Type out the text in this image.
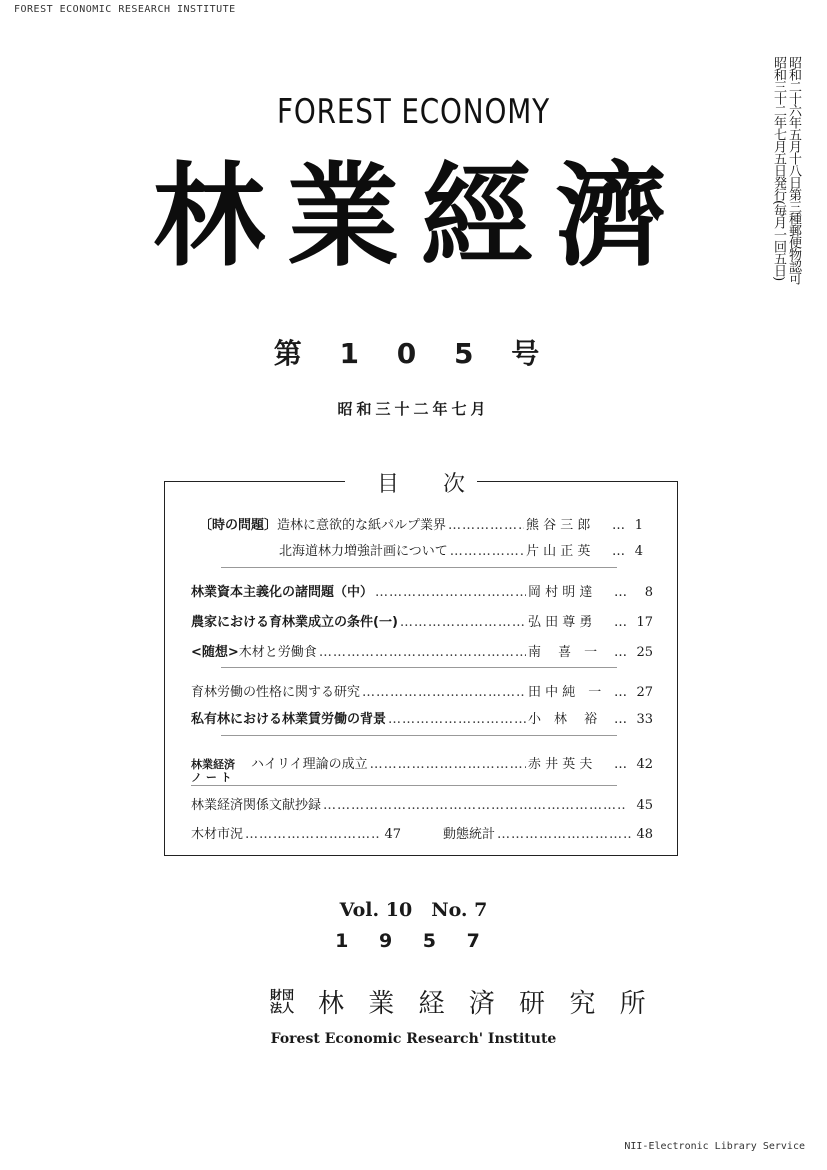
FOREST ECONOMIC RESEARCH INSTITUTE
昭和二十六年五月十八日第三種郵便物認可
昭和三十二年七月五日発行(毎月一回五日)
FOREST ECONOMY
林業經濟
第 1 0 5 号
昭和三十二年七月
目　　次
〔時の問題〕 造林に意欲的な紙パルプ業界 ……………………………………………………………………………………………………………	熊 谷 三 郎	… 1
北海道林力増強計画について ……………………………………………………………………………………………………………	片 山 正 英	… 4
林業資本主義化の諸問題（中） ……………………………………………………………………………………………………………	岡 村 明 達	…	8
農家における育林業成立の条件(一) ……………………………………………………………………………………………………………	弘 田 尊 勇	… 17
<随想> 木材と労働食 ……………………………………………………………………………………………………………	南　 喜　一	… 25
育林労働の性格に関する研究 ……………………………………………………………………………………………………………	田 中 純　一 … 27
私有林における林業賃労働の背景 ……………………………………………………………………………………………………………	小　林　 裕	… 33
林業経済
ノ ー ト
ハイリイ理論の成立 ……………………………………………………………………………………………………………	赤 井 英 夫	… 42
林業経済関係文献抄録 ……………………………………………………………………………………………………………	45
木材市況 ……………………………………………………………………………………………………………	47	動態統計 ……………………………………………………………………………………………………………	48
Vol. 10　No. 7
1 9 5 7
財団
法人 林 業 経 済 研 究 所
Forest Economic Research' Institute
NII-Electronic Library Service
